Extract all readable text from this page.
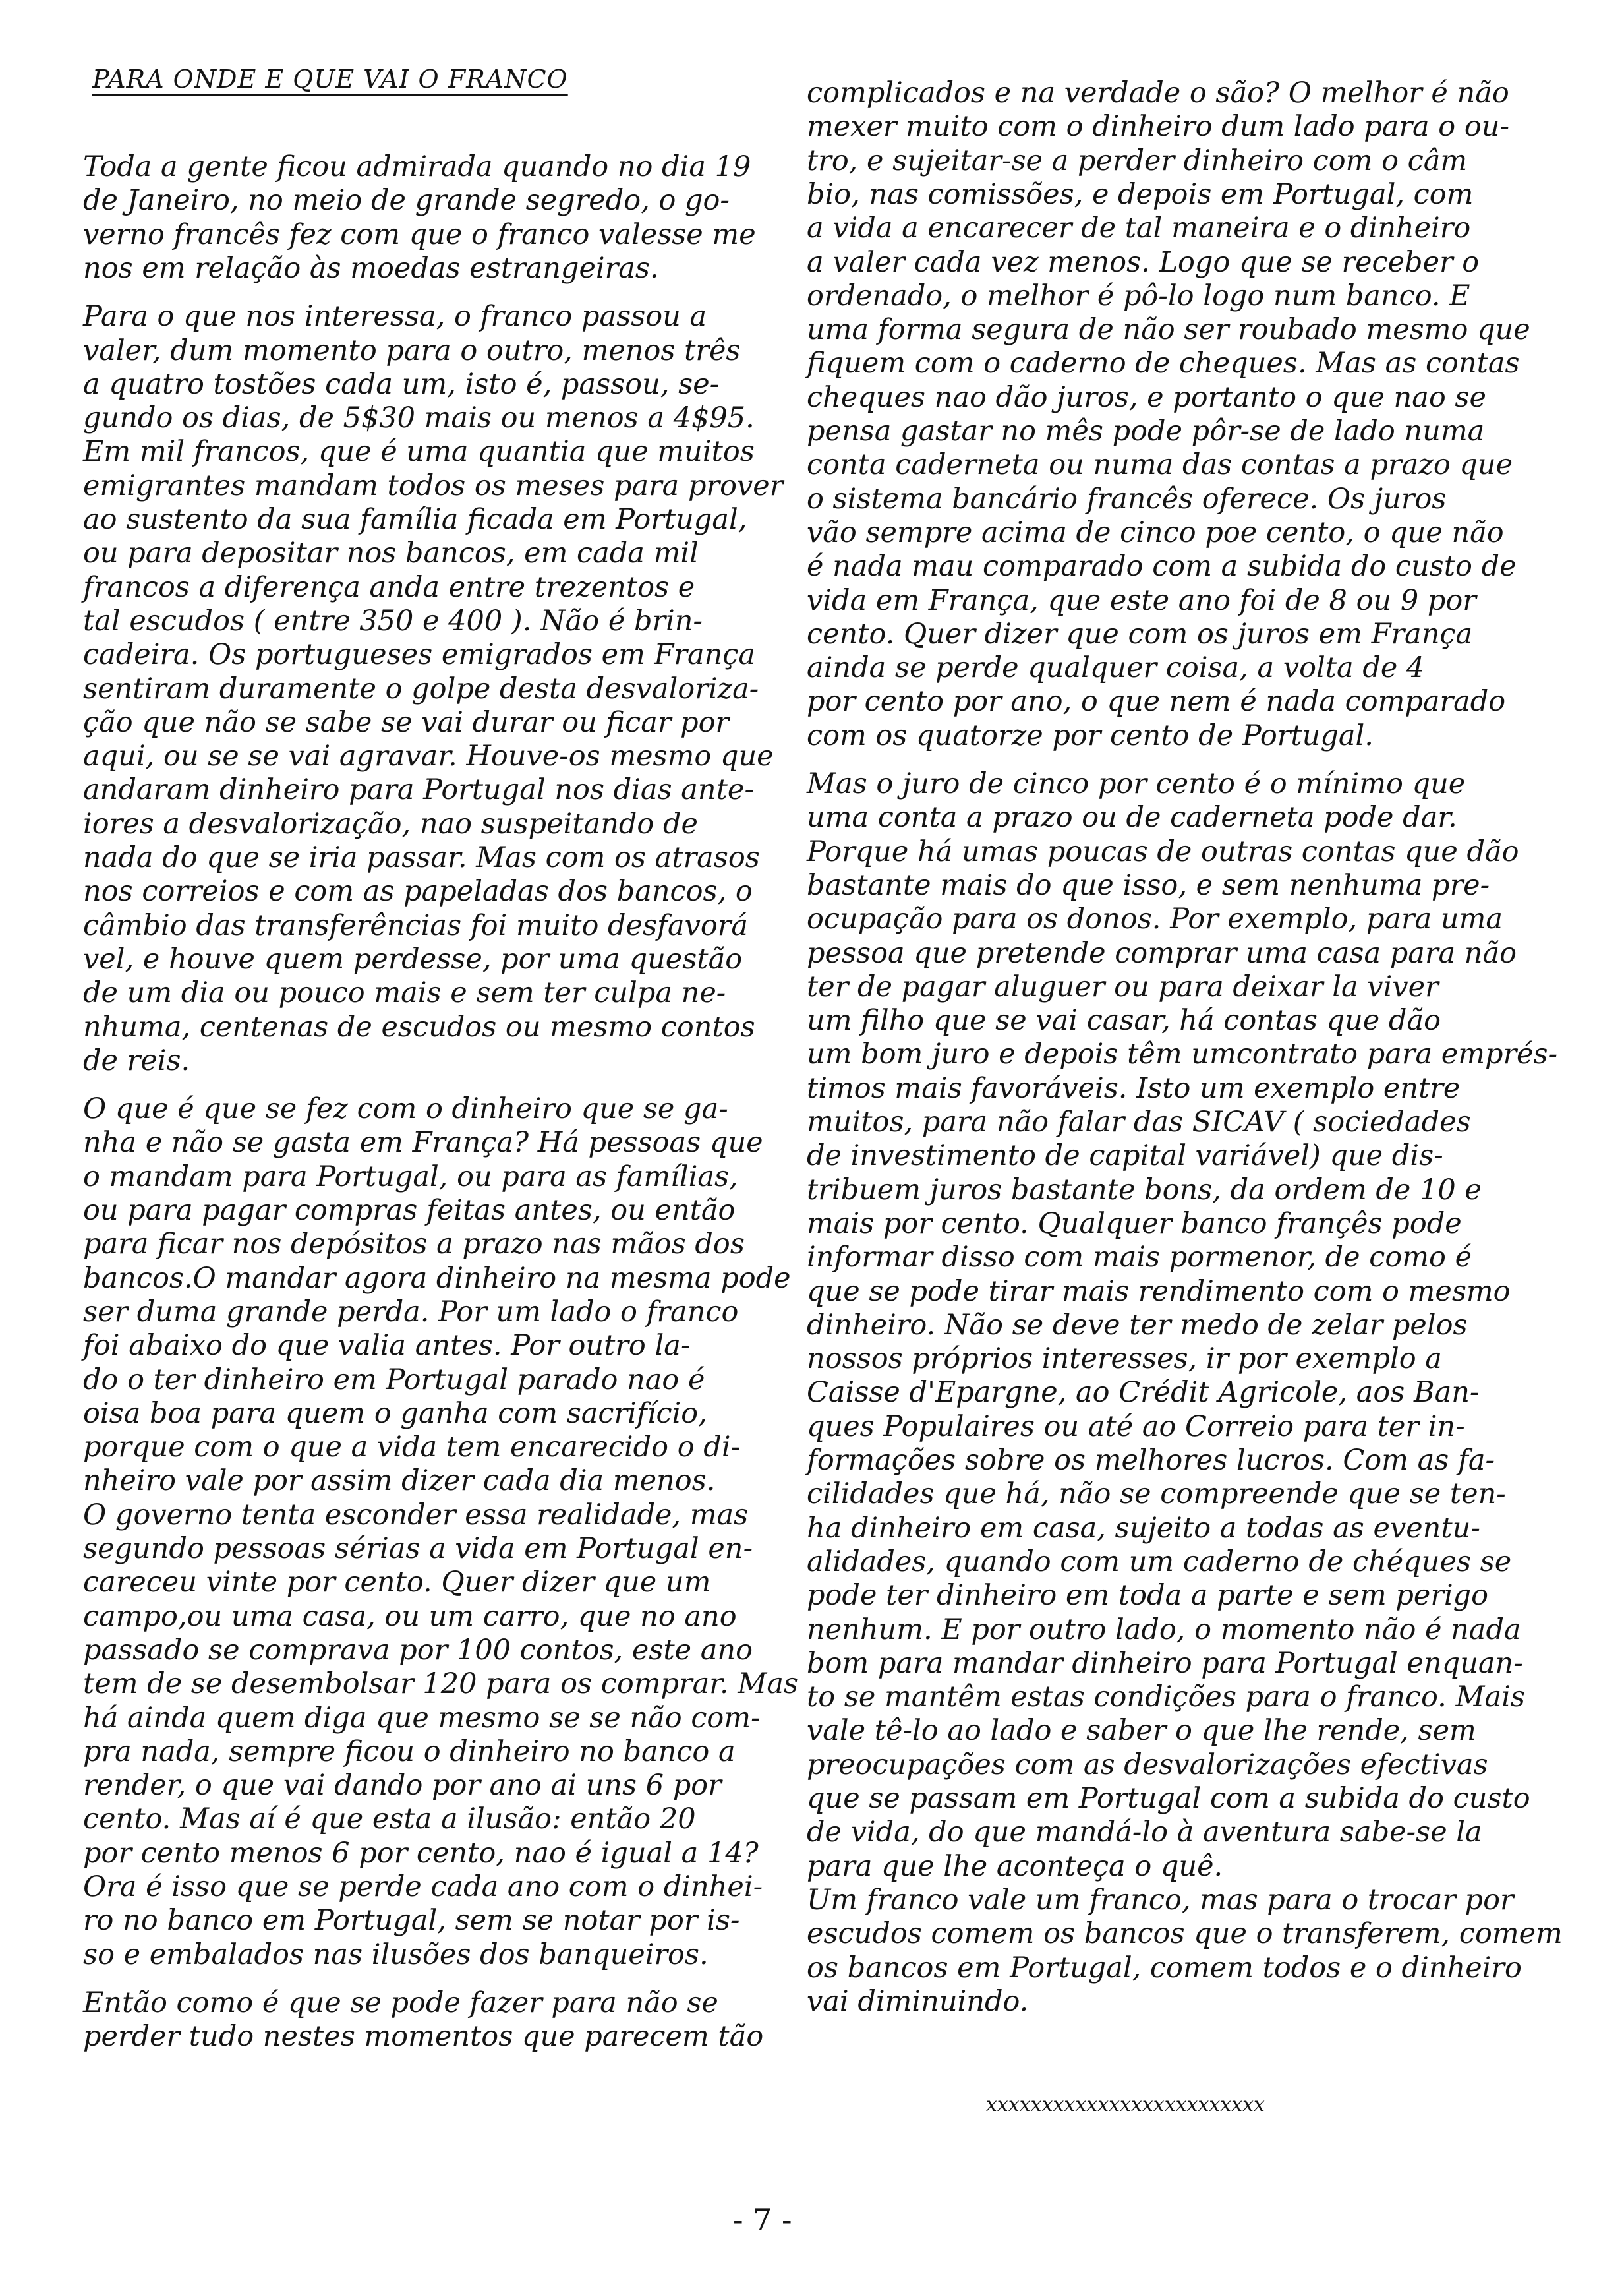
PARA ONDE E QUE VAI O FRANCO
Toda a gente ficou admirada quando no dia 19
de Janeiro, no meio de grande segredo, o go-
verno francês fez com que o franco valesse me
nos em relação às moedas estrangeiras.
Para o que nos interessa, o franco passou a
valer, dum momento para o outro, menos três
a quatro tostões cada um, isto é, passou, se-
gundo os dias, de 5$30 mais ou menos a 4$95.
Em mil francos, que é uma quantia que muitos
emigrantes mandam todos os meses para prover
ao sustento da sua família ficada em Portugal,
ou para depositar nos bancos, em cada mil
francos a diferença anda entre trezentos e
tal escudos ( entre 350 e 400 ). Não é brin-
cadeira. Os portugueses emigrados em França
sentiram duramente o golpe desta desvaloriza-
ção que não se sabe se vai durar ou ficar por
aqui, ou se se vai agravar. Houve-os mesmo que
andaram dinheiro para Portugal nos dias ante-
iores a desvalorização, nao suspeitando de
nada do que se iria passar. Mas com os atrasos
nos correios e com as papeladas dos bancos, o
câmbio das transferências foi muito desfavorá
vel, e houve quem perdesse, por uma questão
de um dia ou pouco mais e sem ter culpa ne-
nhuma, centenas de escudos ou mesmo contos
de reis.
O que é que se fez com o dinheiro que se ga-
nha e não se gasta em França? Há pessoas que
o mandam para Portugal, ou para as famílias,
ou para pagar compras feitas antes, ou então
para ficar nos depósitos a prazo nas mãos dos
bancos.O mandar agora dinheiro na mesma pode
ser duma grande perda. Por um lado o franco
foi abaixo do que valia antes. Por outro la-
do o ter dinheiro em Portugal parado nao é
oisa boa para quem o ganha com sacrifício,
porque com o que a vida tem encarecido o di-
nheiro vale por assim dizer cada dia menos.
O governo tenta esconder essa realidade, mas
segundo pessoas sérias a vida em Portugal en-
careceu vinte por cento. Quer dizer que um
campo,ou uma casa, ou um carro, que no ano
passado se comprava por 100 contos, este ano
tem de se desembolsar 120 para os comprar. Mas
há ainda quem diga que mesmo se se não com-
pra nada, sempre ficou o dinheiro no banco a
render, o que vai dando por ano ai uns 6 por
cento. Mas aí é que esta a ilusão: então 20
por cento menos 6 por cento, nao é igual a 14?
Ora é isso que se perde cada ano com o dinhei-
ro no banco em Portugal, sem se notar por is-
so e embalados nas ilusões dos banqueiros.
Então como é que se pode fazer para não se
perder tudo nestes momentos que parecem tão
complicados e na verdade o são? O melhor é não
mexer muito com o dinheiro dum lado para o ou-
tro, e sujeitar-se a perder dinheiro com o câm
bio, nas comissões, e depois em Portugal, com
a vida a encarecer de tal maneira e o dinheiro
a valer cada vez menos. Logo que se receber o
ordenado, o melhor é pô-lo logo num banco. E
uma forma segura de não ser roubado mesmo que
fiquem com o caderno de cheques. Mas as contas
cheques nao dão juros, e portanto o que nao se
pensa gastar no mês pode pôr-se de lado numa
conta caderneta ou numa das contas a prazo que
o sistema bancário francês oferece. Os juros
vão sempre acima de cinco poe cento, o que não
é nada mau comparado com a subida do custo de
vida em França, que este ano foi de 8 ou 9 por
cento. Quer dizer que com os juros em França
ainda se perde qualquer coisa, a volta de 4
por cento por ano, o que nem é nada comparado
com os quatorze por cento de Portugal.
Mas o juro de cinco por cento é o mínimo que
uma conta a prazo ou de caderneta pode dar.
Porque há umas poucas de outras contas que dão
bastante mais do que isso, e sem nenhuma pre-
ocupação para os donos. Por exemplo, para uma
pessoa que pretende comprar uma casa para não
ter de pagar aluguer ou para deixar la viver
um filho que se vai casar, há contas que dão
um bom juro e depois têm umcontrato para emprés-
timos mais favoráveis. Isto um exemplo entre
muitos, para não falar das SICAV ( sociedades
de investimento de capital variável) que dis-
tribuem juros bastante bons, da ordem de 10 e
mais por cento. Qualquer banco françês pode
informar disso com mais pormenor, de como é
que se pode tirar mais rendimento com o mesmo
dinheiro. Não se deve ter medo de zelar pelos
nossos próprios interesses, ir por exemplo a
Caisse d'Epargne, ao Crédit Agricole, aos Ban-
ques Populaires ou até ao Correio para ter in-
formações sobre os melhores lucros. Com as fa-
cilidades que há, não se compreende que se ten-
ha dinheiro em casa, sujeito a todas as eventu-
alidades, quando com um caderno de chéques se
pode ter dinheiro em toda a parte e sem perigo
nenhum. E por outro lado, o momento não é nada
bom para mandar dinheiro para Portugal enquan-
to se mantêm estas condições para o franco. Mais
vale tê-lo ao lado e saber o que lhe rende, sem
preocupações com as desvalorizações efectivas
que se passam em Portugal com a subida do custo
de vida, do que mandá-lo à aventura sabe-se la
para que lhe aconteça o quê.
Um franco vale um franco, mas para o trocar por
escudos comem os bancos que o transferem, comem
os bancos em Portugal, comem todos e o dinheiro
vai diminuindo.
xxxxxxxxxxxxxxxxxxxxxxxxx
- 7 -
